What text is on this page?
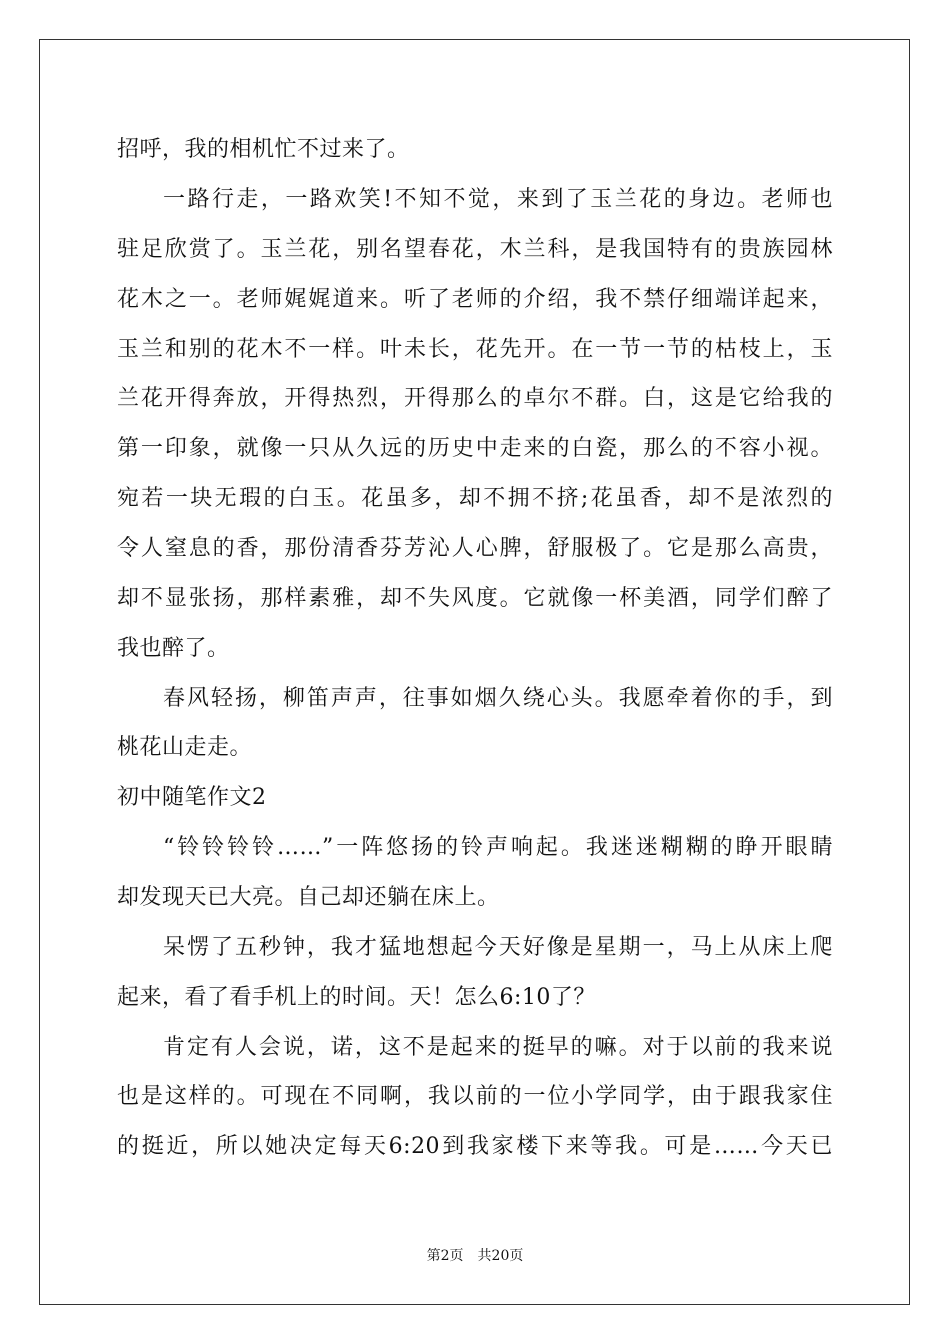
招呼，我的相机忙不过来了。
一路行走，一路欢笑!不知不觉，来到了玉兰花的身边。老师也
驻足欣赏了。玉兰花，别名望春花，木兰科，是我国特有的贵族园林
花木之一。老师娓娓道来。听了老师的介绍，我不禁仔细端详起来，
玉兰和别的花木不一样。叶未长，花先开。在一节一节的枯枝上，玉
兰花开得奔放，开得热烈，开得那么的卓尔不群。白，这是它给我的
第一印象，就像一只从久远的历史中走来的白瓷，那么的不容小视。
宛若一块无瑕的白玉。花虽多，却不拥不挤;花虽香，却不是浓烈的
令人窒息的香，那份清香芬芳沁人心脾，舒服极了。它是那么高贵，
却不显张扬，那样素雅，却不失风度。它就像一杯美酒，同学们醉了
我也醉了。
春风轻扬，柳笛声声，往事如烟久绕心头。我愿牵着你的手，到
桃花山走走。
初中随笔作文2
“铃铃铃铃……”一阵悠扬的铃声响起。我迷迷糊糊的睁开眼睛
却发现天已大亮。自己却还躺在床上。
呆愣了五秒钟，我才猛地想起今天好像是星期一，马上从床上爬
起来，看了看手机上的时间。天！怎么6:10了？
肯定有人会说，诺，这不是起来的挺早的嘛。对于以前的我来说
也是这样的。可现在不同啊，我以前的一位小学同学，由于跟我家住
的挺近，所以她决定每天6:20到我家楼下来等我。可是……今天已
第2页 共20页
